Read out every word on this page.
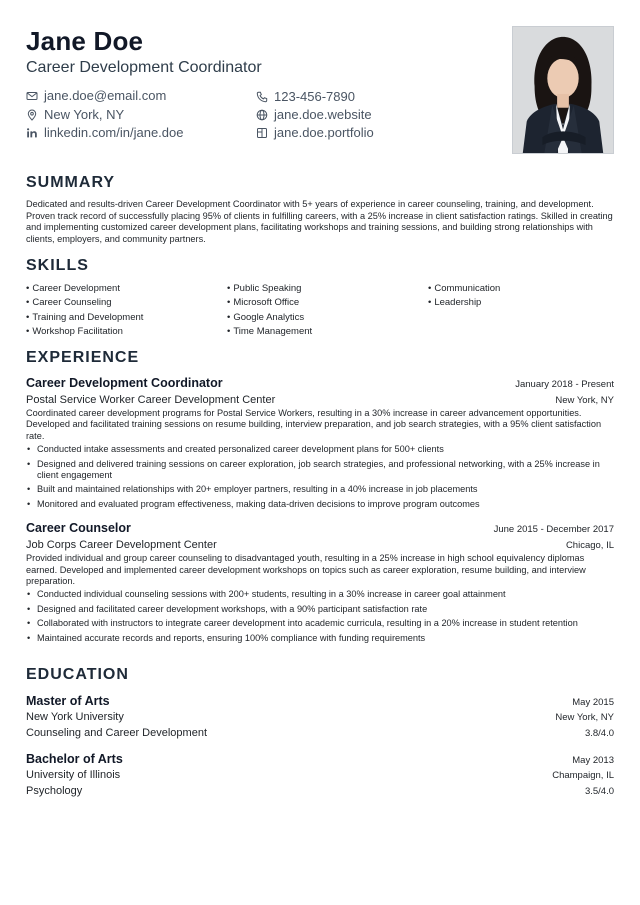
Jane Doe
Career Development Coordinator
jane.doe@email.com
New York, NY
linkedin.com/in/jane.doe
123-456-7890
jane.doe.website
jane.doe.portfolio
SUMMARY
Dedicated and results-driven Career Development Coordinator with 5+ years of experience in career counseling, training, and development. Proven track record of successfully placing 95% of clients in fulfilling careers, with a 25% increase in client satisfaction ratings. Skilled in creating and implementing customized career development plans, facilitating workshops and training sessions, and building strong relationships with clients, employers, and community partners.
SKILLS
• Career Development	• Public Speaking	• Communication
• Career Counseling	• Microsoft Office	• Leadership
• Training and Development	• Google Analytics
• Workshop Facilitation	• Time Management
EXPERIENCE
Career Development Coordinator	January 2018 - Present
Postal Service Worker Career Development Center	New York, NY
Coordinated career development programs for Postal Service Workers, resulting in a 30% increase in career advancement opportunities. Developed and facilitated training sessions on resume building, interview preparation, and job search strategies, with a 95% client satisfaction rate.
• Conducted intake assessments and created personalized career development plans for 500+ clients
• Designed and delivered training sessions on career exploration, job search strategies, and professional networking, with a 25% increase in client engagement
• Built and maintained relationships with 20+ employer partners, resulting in a 40% increase in job placements
• Monitored and evaluated program effectiveness, making data-driven decisions to improve program outcomes
Career Counselor	June 2015 - December 2017
Job Corps Career Development Center	Chicago, IL
Provided individual and group career counseling to disadvantaged youth, resulting in a 25% increase in high school equivalency diplomas earned. Developed and implemented career development workshops on topics such as career exploration, resume building, and interview preparation.
• Conducted individual counseling sessions with 200+ students, resulting in a 30% increase in career goal attainment
• Designed and facilitated career development workshops, with a 90% participant satisfaction rate
• Collaborated with instructors to integrate career development into academic curricula, resulting in a 20% increase in student retention
• Maintained accurate records and reports, ensuring 100% compliance with funding requirements
EDUCATION
Master of Arts	May 2015
New York University	New York, NY
Counseling and Career Development	3.8/4.0
Bachelor of Arts	May 2013
University of Illinois	Champaign, IL
Psychology	3.5/4.0
